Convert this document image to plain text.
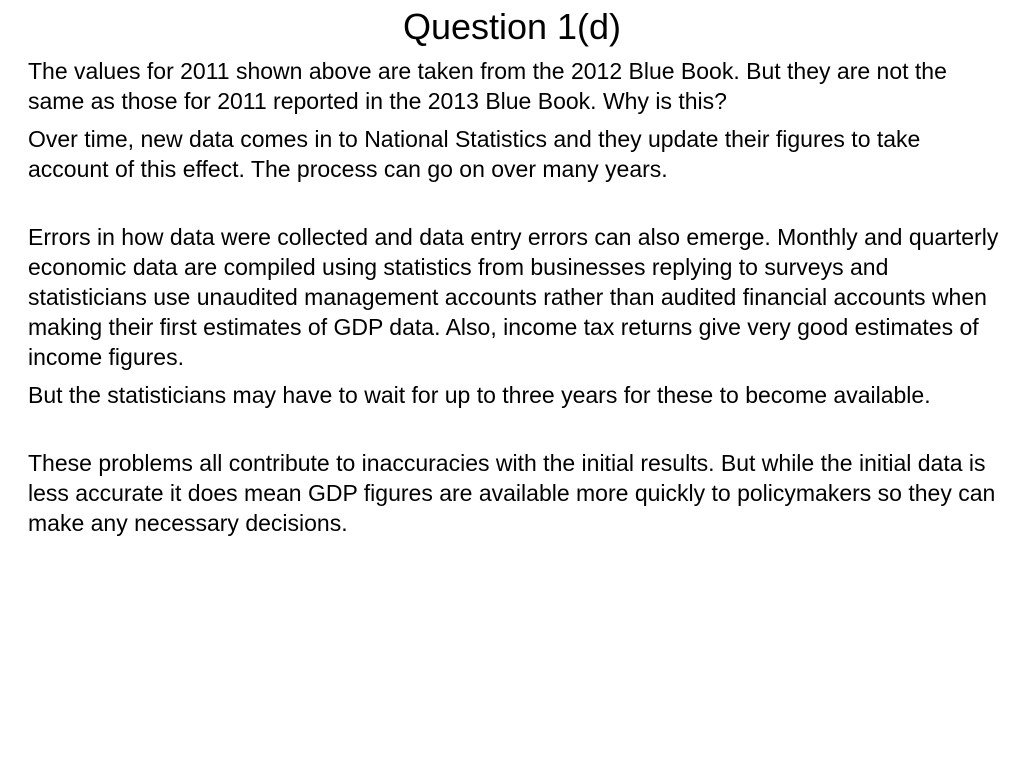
Question 1(d)

The values for 2011 shown above are taken from the 2012 Blue Book. But they are not the same as those for 2011 reported in the 2013 Blue Book. Why is this?

Over time, new data comes in to National Statistics and they update their figures to take account of this effect. The process can go on over many years.

Errors in how data were collected and data entry errors can also emerge. Monthly and quarterly economic data are compiled using statistics from businesses replying to surveys and statisticians use unaudited management accounts rather than audited financial accounts when making their first estimates of GDP data. Also, income tax returns give very good estimates of income figures.

But the statisticians may have to wait for up to three years for these to become available.

These problems all contribute to inaccuracies with the initial results. But while the initial data is less accurate it does mean GDP figures are available more quickly to policymakers so they can make any necessary decisions.
